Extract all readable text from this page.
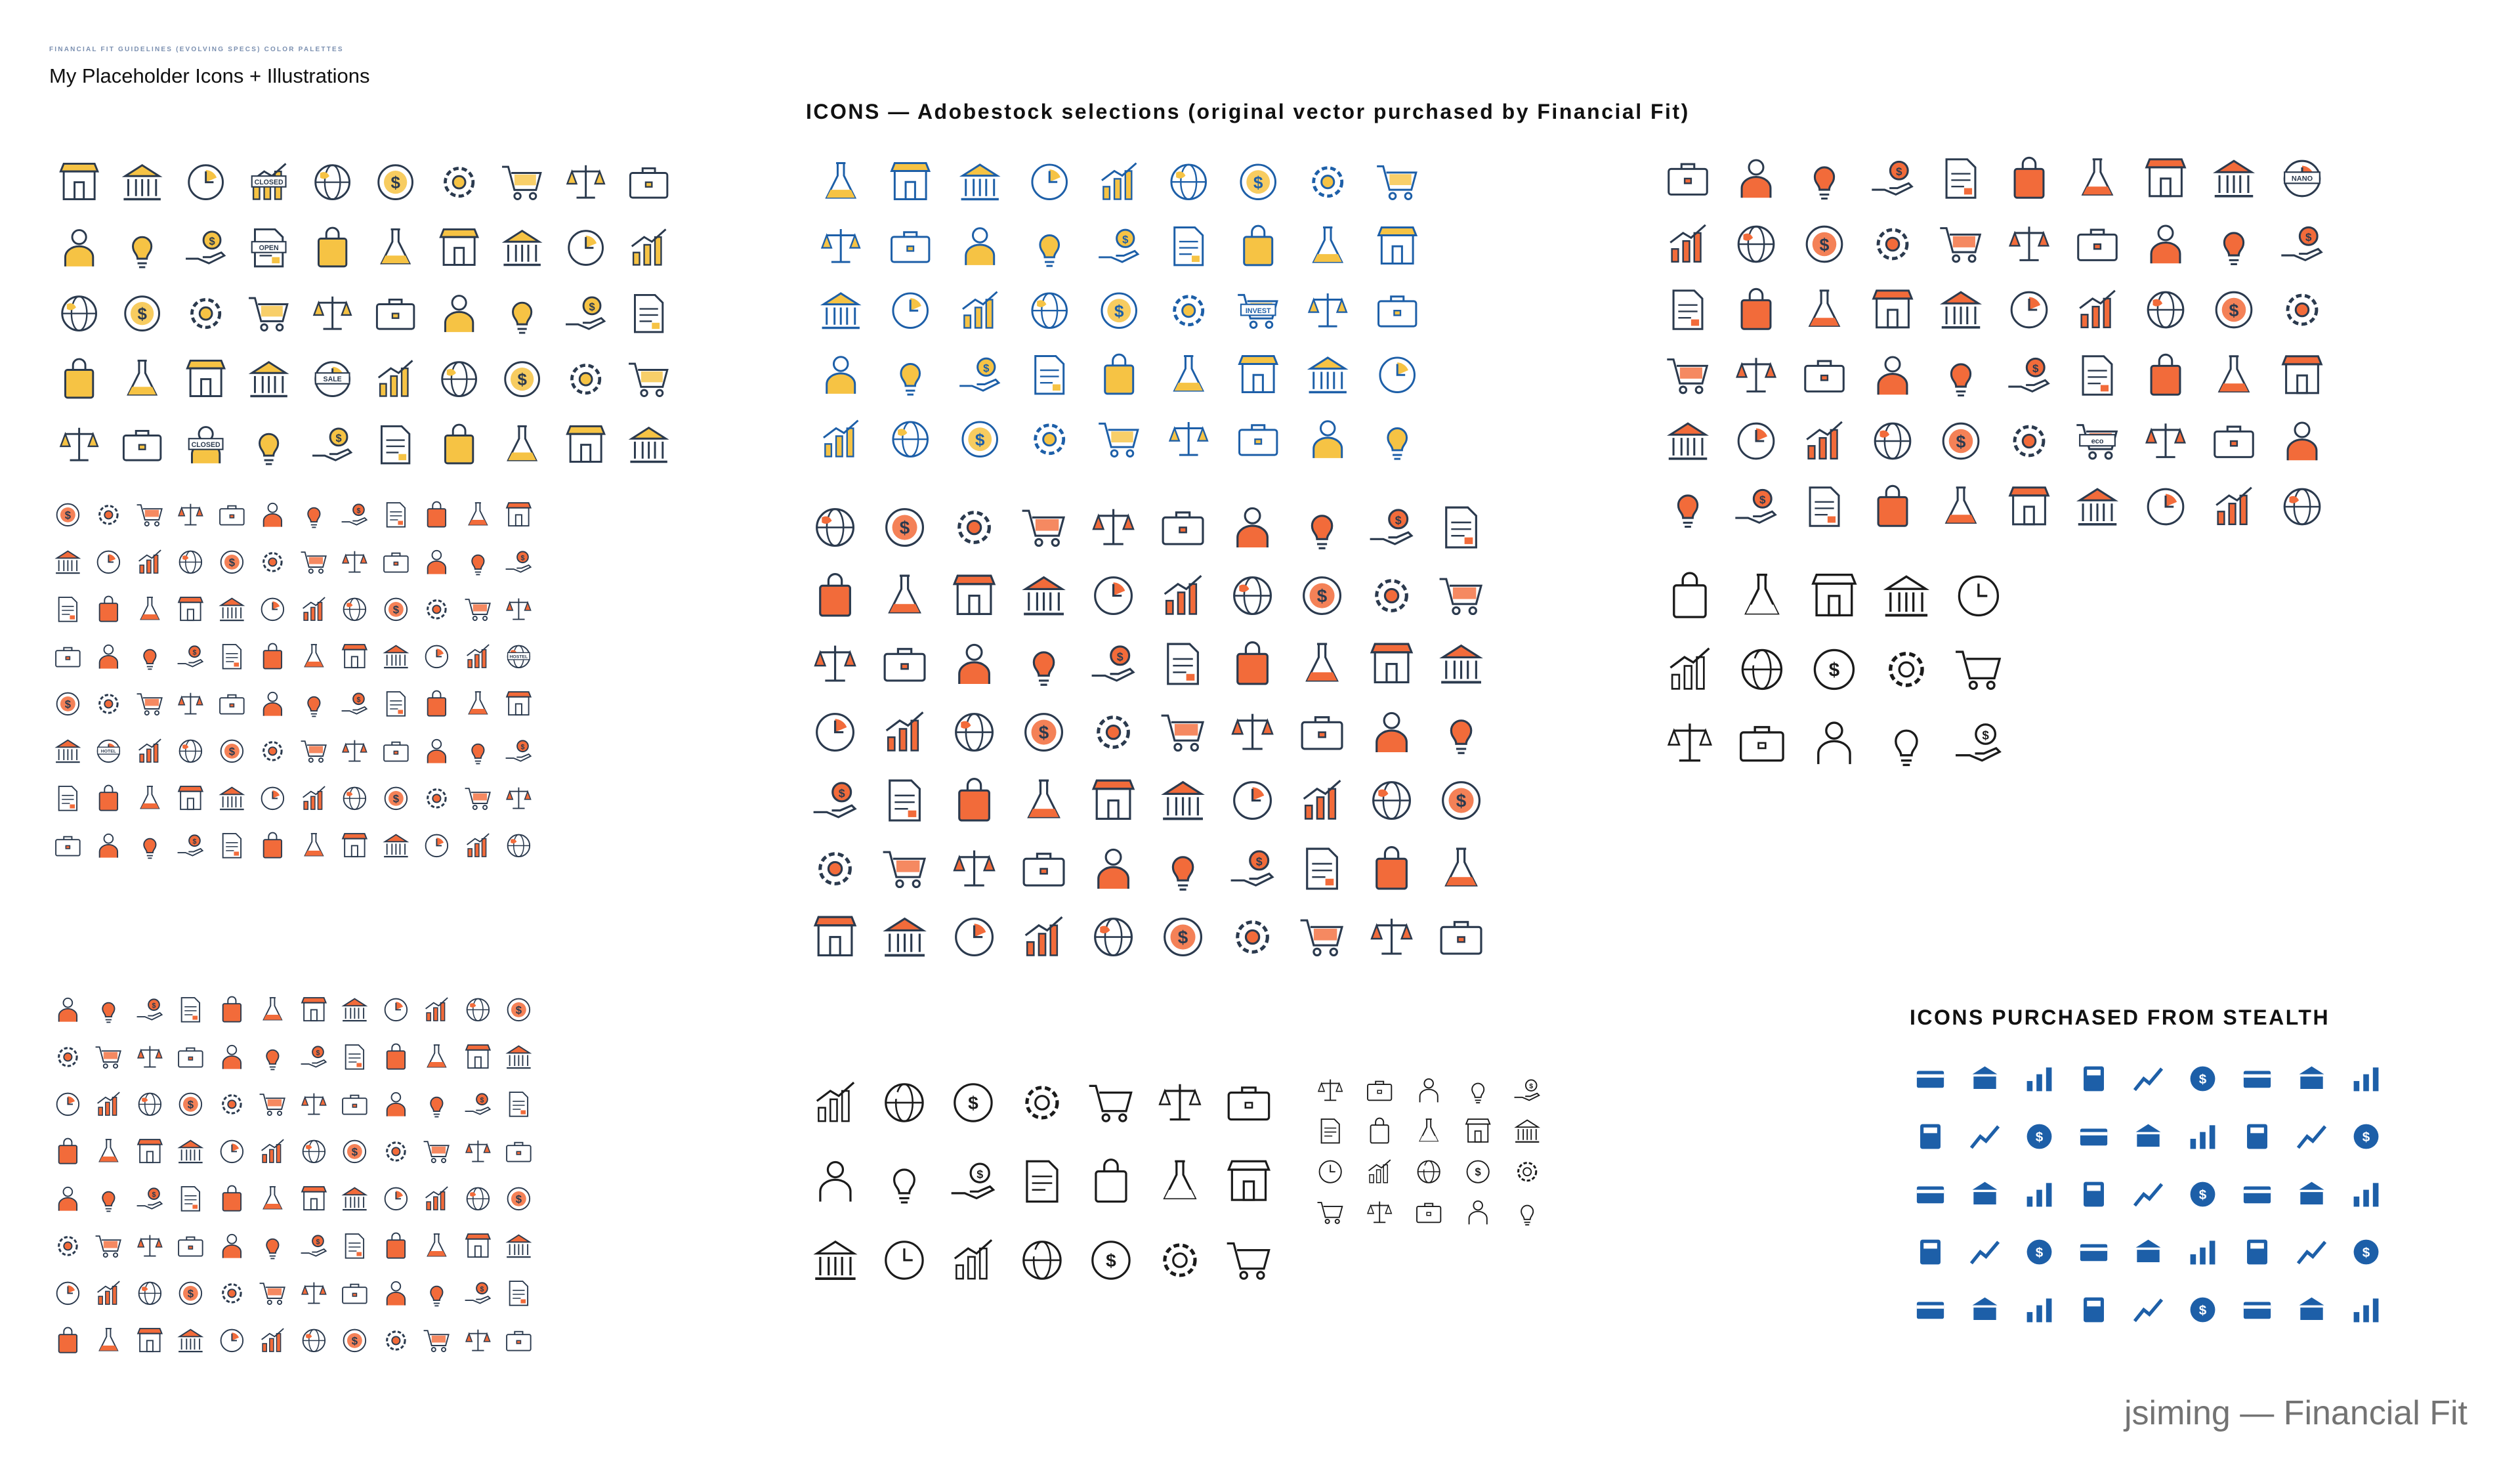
FINANCIAL FIT GUIDELINES (EVOLVING SPECS) COLOR PALETTES
My Placeholder Icons + Illustrations
ICONS — Adobestock selections (original vector purchased by Financial Fit)
ICONS PURCHASED FROM STEALTH
CLOSED	$
$
OPEN
$	$
SALE	$
CLOSED
$
$	$
$	$
$
$
HOSTEL
$	$
HOTEL	$	$
$
$
$	$
$
$	$
$
$	$
$
$	$
$
$
$
$	INVEST
$
$
$	$
$
$
$
$	$
$
$
$
NANO
$	$
$
$
$	eco
$
$
$
$
$
$
$
$
$
$	$
$
$	$
$
jsiming — Financial Fit
